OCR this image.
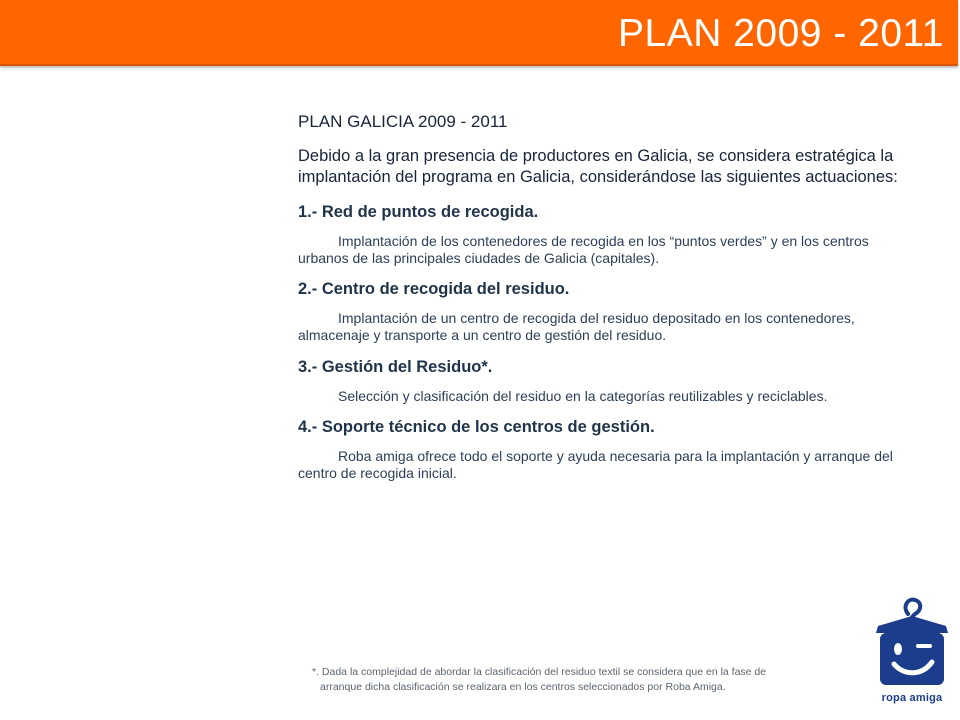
PLAN 2009 - 2011

PLAN GALICIA 2009 - 2011

Debido a la gran presencia de productores en Galicia, se considera estratégica la implantación del programa en Galicia, considerándose las siguientes actuaciones:

1.- Red de puntos de recogida.

Implantación de los contenedores de recogida en los “puntos verdes” y en los centros urbanos de las principales ciudades de Galicia (capitales).

2.- Centro de recogida del residuo.

Implantación de un centro de recogida del residuo depositado en los contenedores, almacenaje y transporte a un centro de gestión del residuo.

3.- Gestión del Residuo*.

Selección y clasificación del residuo en la categorías reutilizables y reciclables.

4.- Soporte técnico de los centros de gestión.

Roba amiga ofrece todo el soporte y ayuda necesaria para la implantación y arranque del centro de recogida inicial.

*. Dada la complejidad de abordar la clasificación del residuo textil se considera que en la fase de
arranque dicha clasificación se realizara en los centros seleccionados por Roba Amiga.
ropa amiga
